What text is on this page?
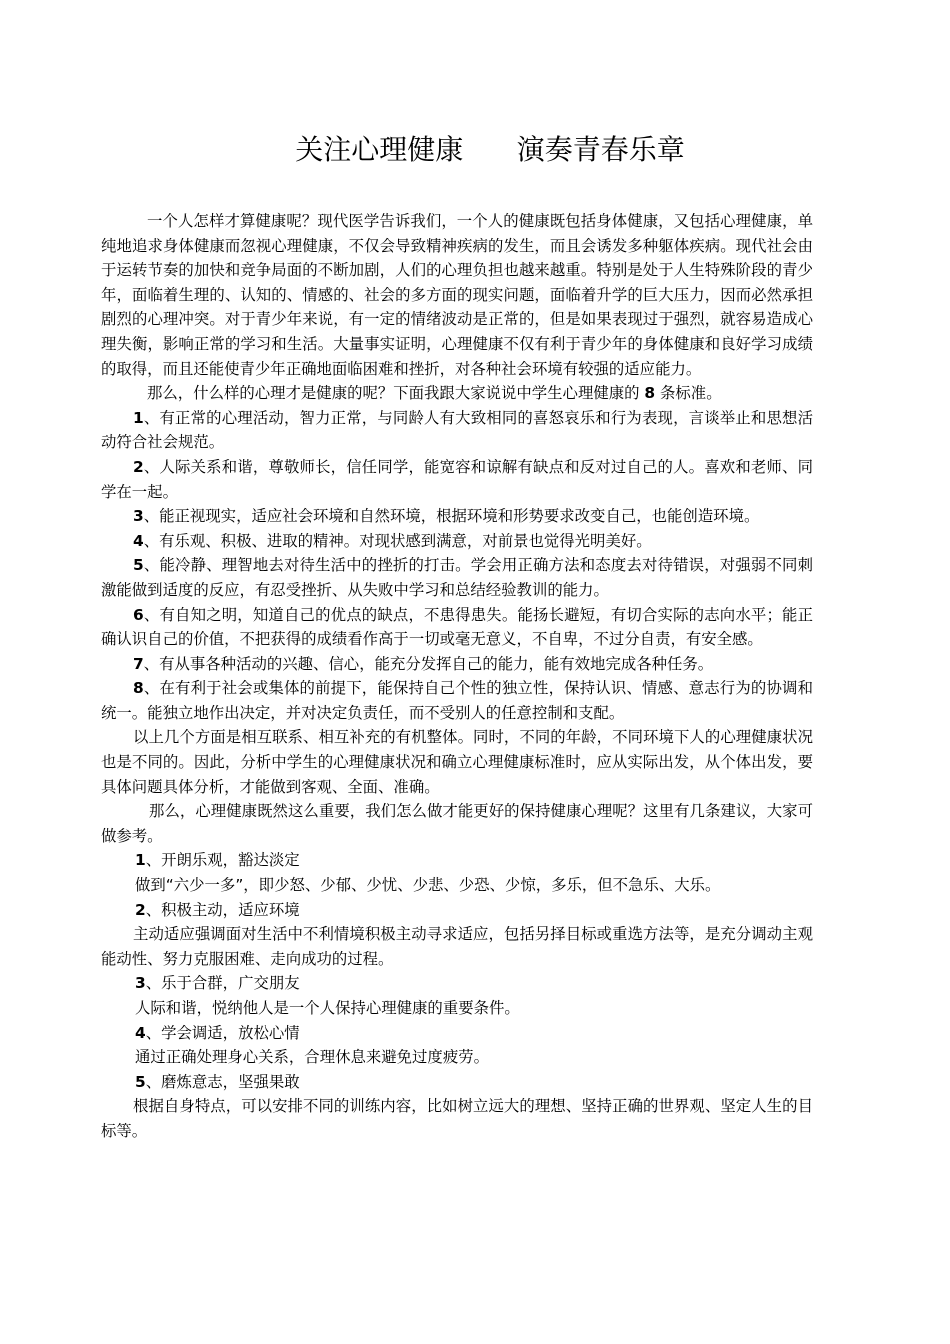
关注心理健康      演奏青春乐章

一个人怎样才算健康呢？现代医学告诉我们，一个人的健康既包括身体健康，又包括心理健康，单纯地追求身体健康而忽视心理健康，不仅会导致精神疾病的发生，而且会诱发多种躯体疾病。现代社会由于运转节奏的加快和竞争局面的不断加剧，人们的心理负担也越来越重。特别是处于人生特殊阶段的青少年，面临着生理的、认知的、情感的、社会的多方面的现实问题，面临着升学的巨大压力，因而必然承担剧烈的心理冲突。对于青少年来说，有一定的情绪波动是正常的，但是如果表现过于强烈，就容易造成心理失衡，影响正常的学习和生活。大量事实证明，心理健康不仅有利于青少年的身体健康和良好学习成绩的取得，而且还能使青少年正确地面临困难和挫折，对各种社会环境有较强的适应能力。

那么，什么样的心理才是健康的呢？下面我跟大家说说中学生心理健康的 8 条标准。

1、有正常的心理活动，智力正常，与同龄人有大致相同的喜怒哀乐和行为表现，言谈举止和思想活动符合社会规范。

2、人际关系和谐，尊敬师长，信任同学，能宽容和谅解有缺点和反对过自己的人。喜欢和老师、同学在一起。

3、能正视现实，适应社会环境和自然环境，根据环境和形势要求改变自己，也能创造环境。

4、有乐观、积极、进取的精神。对现状感到满意，对前景也觉得光明美好。

5、能冷静、理智地去对待生活中的挫折的打击。学会用正确方法和态度去对待错误，对强弱不同刺激能做到适度的反应，有忍受挫折、从失败中学习和总结经验教训的能力。

6、有自知之明，知道自己的优点的缺点，不患得患失。能扬长避短，有切合实际的志向水平；能正确认识自己的价值，不把获得的成绩看作高于一切或毫无意义，不自卑，不过分自责，有安全感。

7、有从事各种活动的兴趣、信心，能充分发挥自己的能力，能有效地完成各种任务。

8、在有利于社会或集体的前提下，能保持自己个性的独立性，保持认识、情感、意志行为的协调和统一。能独立地作出决定，并对决定负责任，而不受别人的任意控制和支配。

以上几个方面是相互联系、相互补充的有机整体。同时，不同的年龄，不同环境下人的心理健康状况也是不同的。因此，分析中学生的心理健康状况和确立心理健康标准时，应从实际出发，从个体出发，要具体问题具体分析，才能做到客观、全面、准确。

那么，心理健康既然这么重要，我们怎么做才能更好的保持健康心理呢？这里有几条建议，大家可做参考。

1、开朗乐观，豁达淡定

做到“六少一多”，即少怒、少郁、少忧、少悲、少恐、少惊，多乐，但不急乐、大乐。

2、积极主动，适应环境

主动适应强调面对生活中不利情境积极主动寻求适应，包括另择目标或重选方法等，是充分调动主观能动性、努力克服困难、走向成功的过程。

3、乐于合群，广交朋友

人际和谐，悦纳他人是一个人保持心理健康的重要条件。

4、学会调适，放松心情

通过正确处理身心关系，合理休息来避免过度疲劳。

5、磨炼意志，坚强果敢

根据自身特点，可以安排不同的训练内容，比如树立远大的理想、坚持正确的世界观、坚定人生的目标等。
